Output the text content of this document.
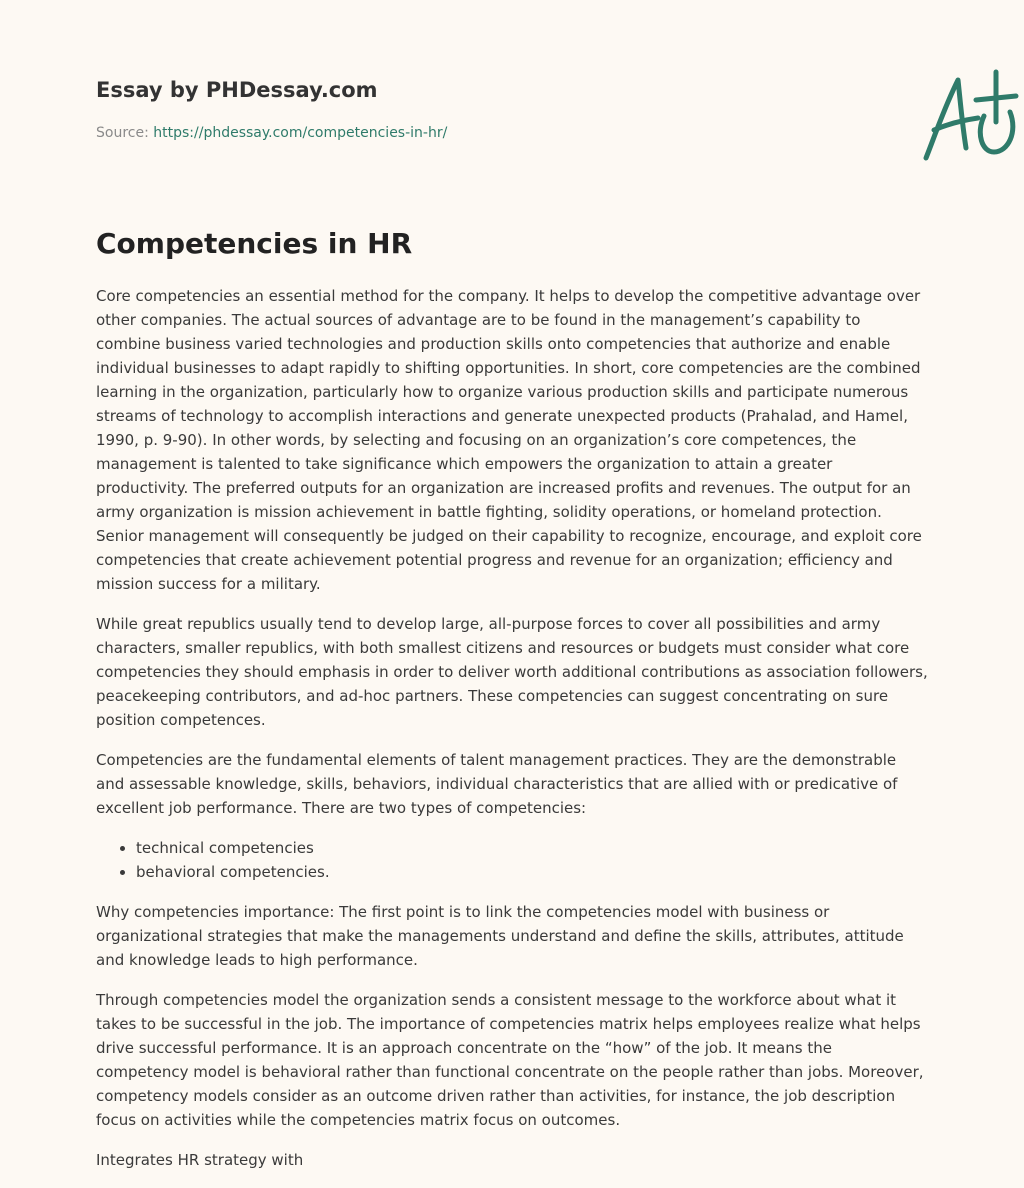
Essay by PHDessay.com

Source: https://phdessay.com/competencies-in-hr/

Competencies in HR

Core competencies an essential method for the company. It helps to develop the competitive advantage over other companies. The actual sources of advantage are to be found in the management’s capability to combine business varied technologies and production skills onto competencies that authorize and enable individual businesses to adapt rapidly to shifting opportunities. In short, core competencies are the combined learning in the organization, particularly how to organize various production skills and participate numerous streams of technology to accomplish interactions and generate unexpected products (Prahalad, and Hamel, 1990, p. 9-90). In other words, by selecting and focusing on an organization’s core competences, the management is talented to take significance which empowers the organization to attain a greater productivity. The preferred outputs for an organization are increased profits and revenues. The output for an army organization is mission achievement in battle fighting, solidity operations, or homeland protection. Senior management will consequently be judged on their capability to recognize, encourage, and exploit core competencies that create achievement potential progress and revenue for an organization; efficiency and mission success for a military.

While great republics usually tend to develop large, all-purpose forces to cover all possibilities and army characters, smaller republics, with both smallest citizens and resources or budgets must consider what core competencies they should emphasis in order to deliver worth additional contributions as association followers, peacekeeping contributors, and ad-hoc partners. These competencies can suggest concentrating on sure position competences.

Competencies are the fundamental elements of talent management practices. They are the demonstrable and assessable knowledge, skills, behaviors, individual characteristics that are allied with or predicative of excellent job performance. There are two types of competencies:

• technical competencies
• behavioral competencies.

Why competencies importance: The first point is to link the competencies model with business or organizational strategies that make the managements understand and define the skills, attributes, attitude and knowledge leads to high performance.

Through competencies model the organization sends a consistent message to the workforce about what it takes to be successful in the job. The importance of competencies matrix helps employees realize what helps drive successful performance. It is an approach concentrate on the “how” of the job. It means the competency model is behavioral rather than functional concentrate on the people rather than jobs. Moreover, competency models consider as an outcome driven rather than activities, for instance, the job description focus on activities while the competencies matrix focus on outcomes.

Integrates HR strategy with
